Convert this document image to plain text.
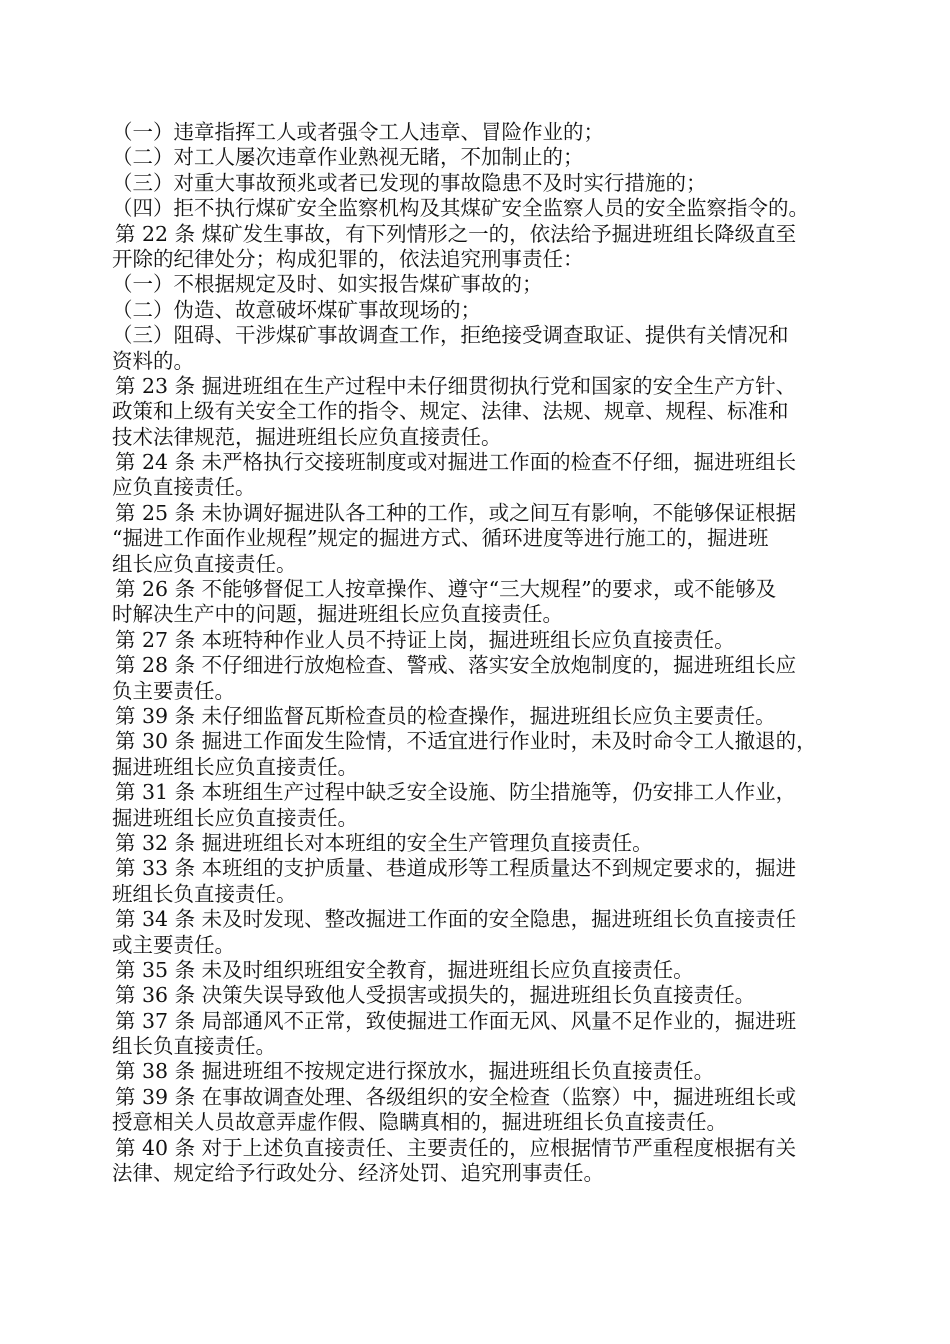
（一）违章指挥工人或者强令工人违章、冒险作业的；
（二）对工人屡次违章作业熟视无睹，不加制止的；
（三）对重大事故预兆或者已发现的事故隐患不及时实行措施的；
（四）拒不执行煤矿安全监察机构及其煤矿安全监察人员的安全监察指令的。
第 22 条 煤矿发生事故，有下列情形之一的，依法给予掘进班组长降级直至
开除的纪律处分；构成犯罪的，依法追究刑事责任：
（一）不根据规定及时、如实报告煤矿事故的；
（二）伪造、故意破坏煤矿事故现场的；
（三）阻碍、干涉煤矿事故调查工作，拒绝接受调查取证、提供有关情况和
资料的。
第 23 条 掘进班组在生产过程中未仔细贯彻执行党和国家的安全生产方针、
政策和上级有关安全工作的指令、规定、法律、法规、规章、规程、标准和
技术法律规范，掘进班组长应负直接责任。
第 24 条 未严格执行交接班制度或对掘进工作面的检查不仔细，掘进班组长
应负直接责任。
第 25 条 未协调好掘进队各工种的工作，或之间互有影响，不能够保证根据
“掘进工作面作业规程”规定的掘进方式、循环进度等进行施工的，掘进班
组长应负直接责任。
第 26 条 不能够督促工人按章操作、遵守“三大规程”的要求，或不能够及
时解决生产中的问题，掘进班组长应负直接责任。
第 27 条 本班特种作业人员不持证上岗，掘进班组长应负直接责任。
第 28 条 不仔细进行放炮检查、警戒、落实安全放炮制度的，掘进班组长应
负主要责任。
第 39 条 未仔细监督瓦斯检查员的检查操作，掘进班组长应负主要责任。
第 30 条 掘进工作面发生险情，不适宜进行作业时，未及时命令工人撤退的，
掘进班组长应负直接责任。
第 31 条 本班组生产过程中缺乏安全设施、防尘措施等，仍安排工人作业，
掘进班组长应负直接责任。
第 32 条 掘进班组长对本班组的安全生产管理负直接责任。
第 33 条 本班组的支护质量、巷道成形等工程质量达不到规定要求的，掘进
班组长负直接责任。
第 34 条 未及时发现、整改掘进工作面的安全隐患，掘进班组长负直接责任
或主要责任。
第 35 条 未及时组织班组安全教育，掘进班组长应负直接责任。
第 36 条 决策失误导致他人受损害或损失的，掘进班组长负直接责任。
第 37 条 局部通风不正常，致使掘进工作面无风、风量不足作业的，掘进班
组长负直接责任。
第 38 条 掘进班组不按规定进行探放水，掘进班组长负直接责任。
第 39 条 在事故调查处理、各级组织的安全检查（监察）中，掘进班组长或
授意相关人员故意弄虚作假、隐瞒真相的，掘进班组长负直接责任。
第 40 条 对于上述负直接责任、主要责任的，应根据情节严重程度根据有关
法律、规定给予行政处分、经济处罚、追究刑事责任。
